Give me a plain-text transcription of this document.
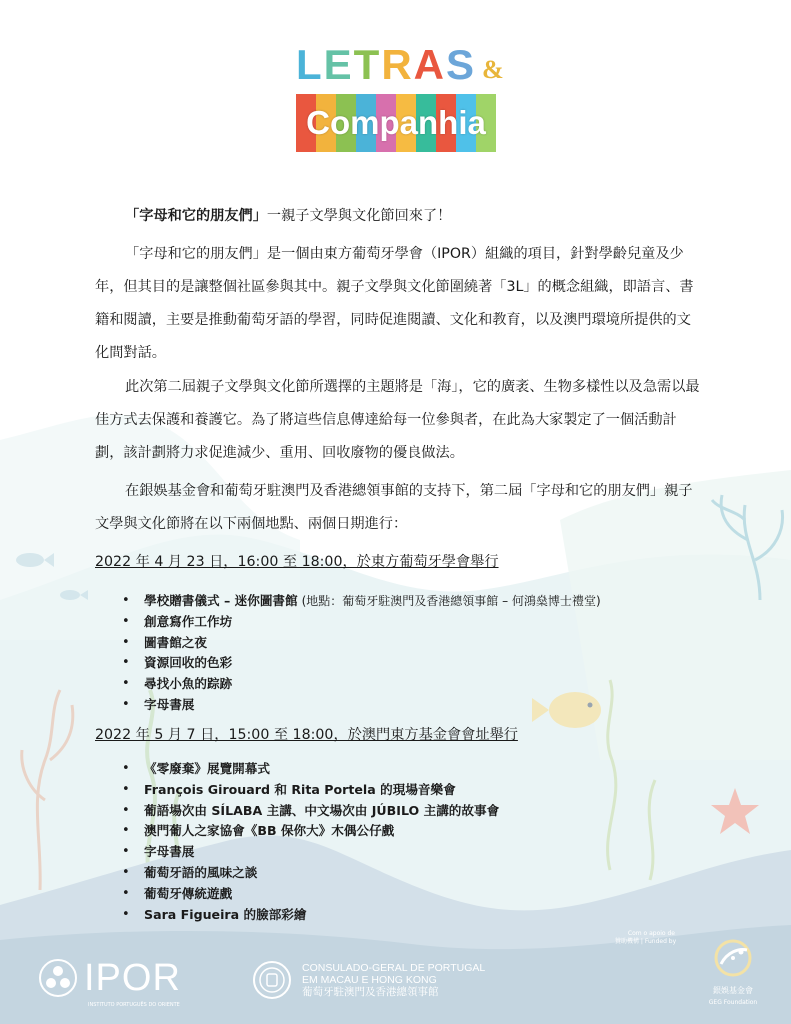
LETRAS &
Companhia

「字母和它的朋友們」一親子文學與文化節回來了！

「字母和它的朋友們」是一個由東方葡萄牙學會（IPOR）組織的項目，針對學齡兒童及少年，但其目的是讓整個社區參與其中。親子文學與文化節圍繞著「3L」的概念組織，即語言、書籍和閱讀，主要是推動葡萄牙語的學習，同時促進閱讀、文化和教育，以及澳門環境所提供的文化間對話。

此次第二屆親子文學與文化節所選擇的主題將是「海」，它的廣袤、生物多樣性以及急需以最佳方式去保護和養護它。為了將這些信息傳達給每一位參與者，在此為大家製定了一個活動計劃，該計劃將力求促進減少、重用、回收廢物的優良做法。

在銀娛基金會和葡萄牙駐澳門及香港總領事館的支持下，第二屆「字母和它的朋友們」親子文學與文化節將在以下兩個地點、兩個日期進行：

2022 年 4 月 23 日，16:00 至 18:00，於東方葡萄牙學會舉行
• 學校贈書儀式 – 迷你圖書館 (地點：葡萄牙駐澳門及香港總領事館 – 何鴻燊博士禮堂)
• 創意寫作工作坊
• 圖書館之夜
• 資源回收的色彩
• 尋找小魚的踪跡
• 字母書展
2022 年 5 月 7 日，15:00 至 18:00，於澳門東方基金會會址舉行
• 《零廢棄》展覽開幕式
• François Girouard 和 Rita Portela 的現場音樂會
• 葡語場次由 SÍLABA 主講、中文場次由 JÚBILO 主講的故事會
• 澳門葡人之家協會《BB 保你大》木偶公仔戲
• 字母書展
• 葡萄牙語的風味之談
• 葡萄牙傳統遊戲
• Sara Figueira 的臉部彩繪
IPOR
INSTITUTO PORTUGUÊS DO ORIENTE
CONSULADO-GERAL DE PORTUGAL
EM MACAU E HONG KONG
葡萄牙駐澳門及香港總領事館
Com o apoio de
贊助機構 | Funded by
銀娛基金會
GEG Foundation
